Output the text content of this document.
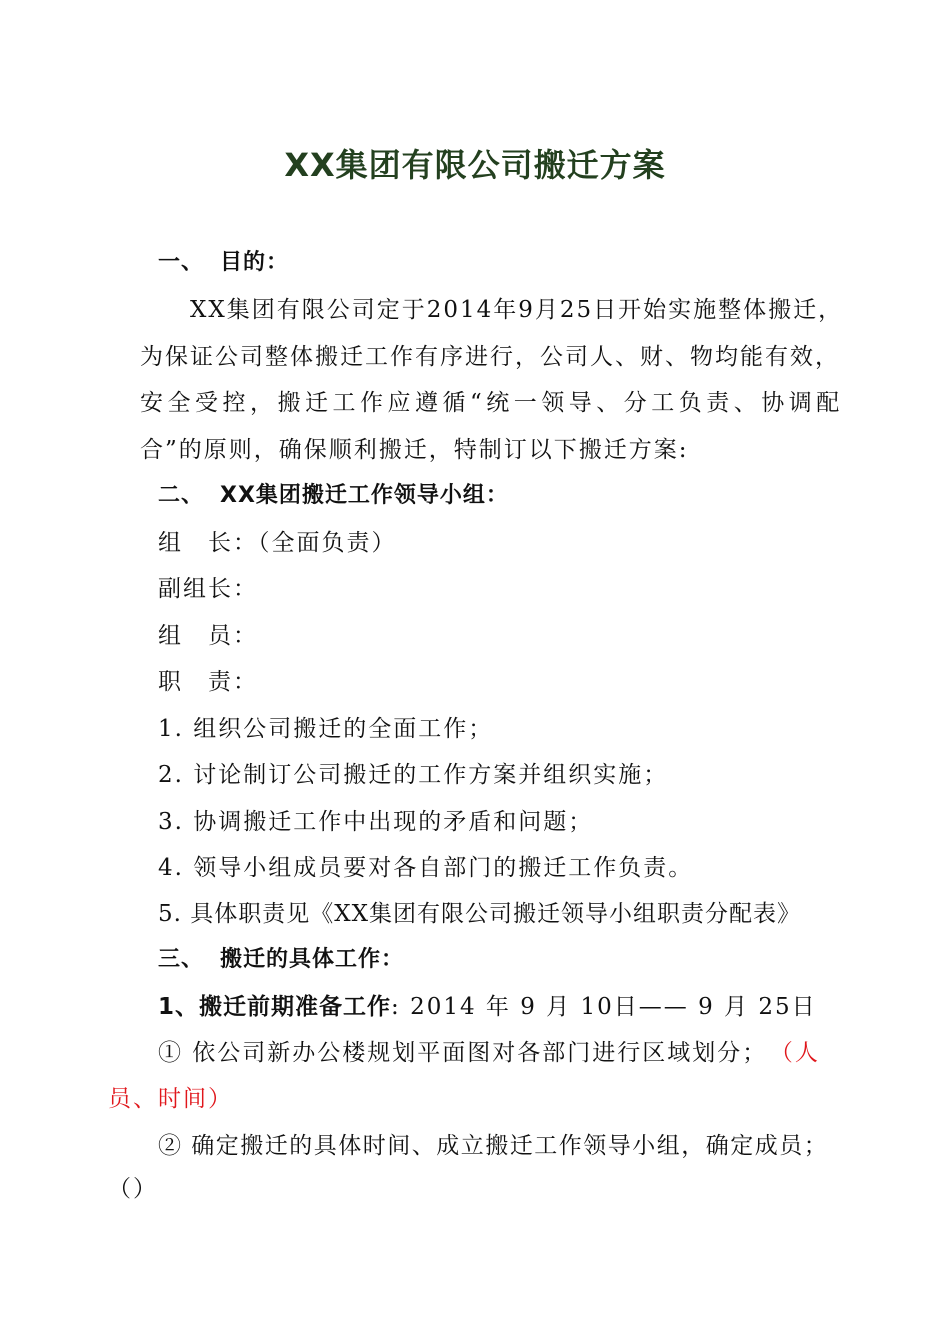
XX集团有限公司搬迁方案
一、 目的：
XX集团有限公司定于2014年9月25日开始实施整体搬迁，
为保证公司整体搬迁工作有序进行，公司人、财、物均能有效，
安全受控，搬迁工作应遵循“统一领导、分工负责、协调配
合”的原则，确保顺利搬迁，特制订以下搬迁方案:
二、 XX集团搬迁工作领导小组：
组　长：（全面负责）
副组长：
组　员：
职　责：
1. 组织公司搬迁的全面工作；
2. 讨论制订公司搬迁的工作方案并组织实施；
3. 协调搬迁工作中出现的矛盾和问题；
4. 领导小组成员要对各自部门的搬迁工作负责。
5. 具体职责见《XX集团有限公司搬迁领导小组职责分配表》
三、 搬迁的具体工作：
1、搬迁前期准备工作: 2014 年 9 月 10日—— 9 月 25日
① 依公司新办公楼规划平面图对各部门进行区域划分； （人
员、时间）
② 确定搬迁的具体时间、成立搬迁工作领导小组，确定成员；
（）
